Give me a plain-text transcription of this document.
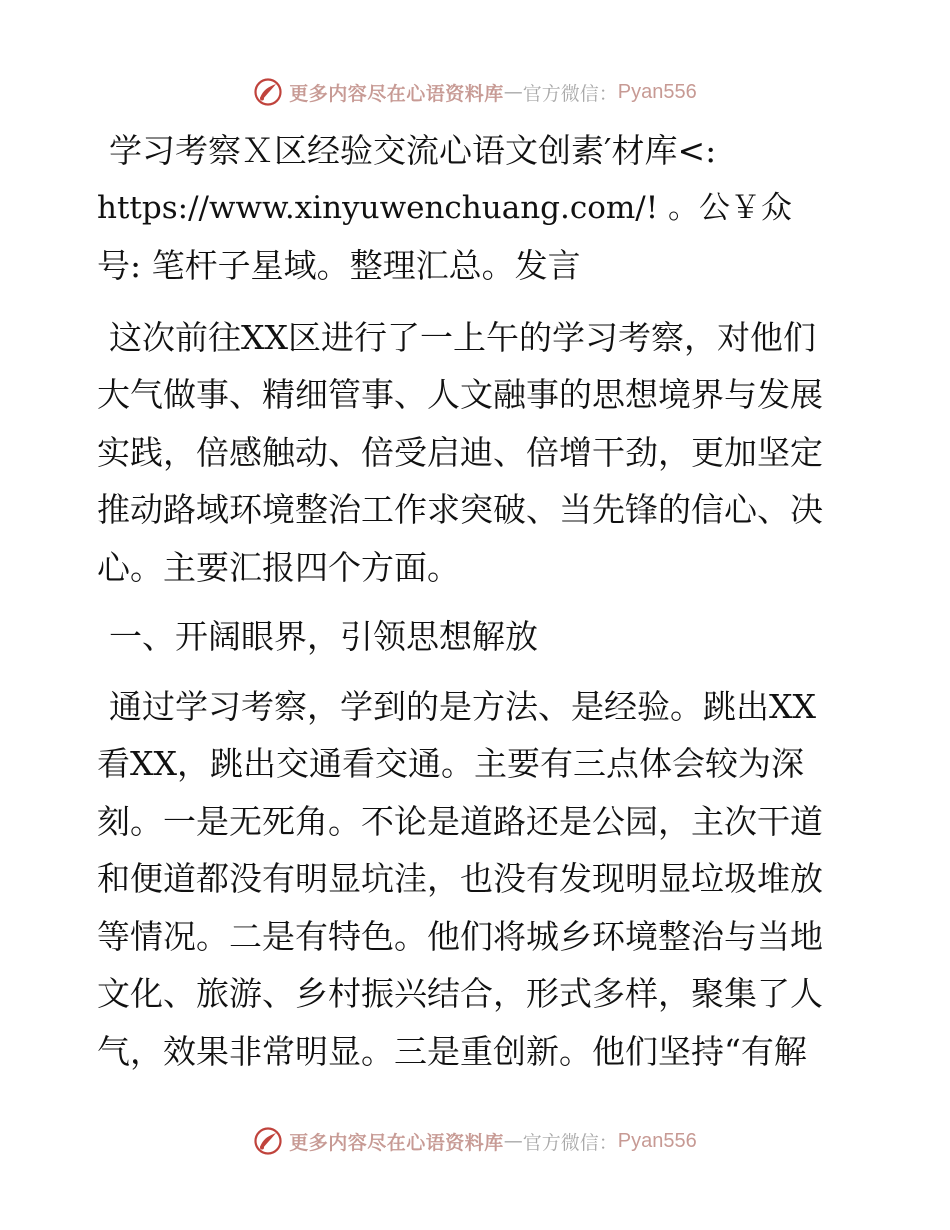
更多内容尽在心语资料库 — 官方微信： Pyan556
学习考察Ｘ区经验交流心语文创素′材库<:
https://www.xinyuwenchuang.com/! 。公￥众
号: 笔杆子星域。整理汇总。发言
这次前往XX区进行了一上午的学习考察，对他们
大气做事、精细管事、人文融事的思想境界与发展
实践，倍感触动、倍受启迪、倍增干劲，更加坚定
推动路域环境整治工作求突破、当先锋的信心、决
心。主要汇报四个方面。
一、开阔眼界，引领思想解放
通过学习考察，学到的是方法、是经验。跳出XX
看XX，跳出交通看交通。主要有三点体会较为深
刻。一是无死角。不论是道路还是公园，主次干道
和便道都没有明显坑洼，也没有发现明显垃圾堆放
等情况。二是有特色。他们将城乡环境整治与当地
文化、旅游、乡村振兴结合，形式多样，聚集了人
气，效果非常明显。三是重创新。他们坚持“有解
更多内容尽在心语资料库 — 官方微信： Pyan556
